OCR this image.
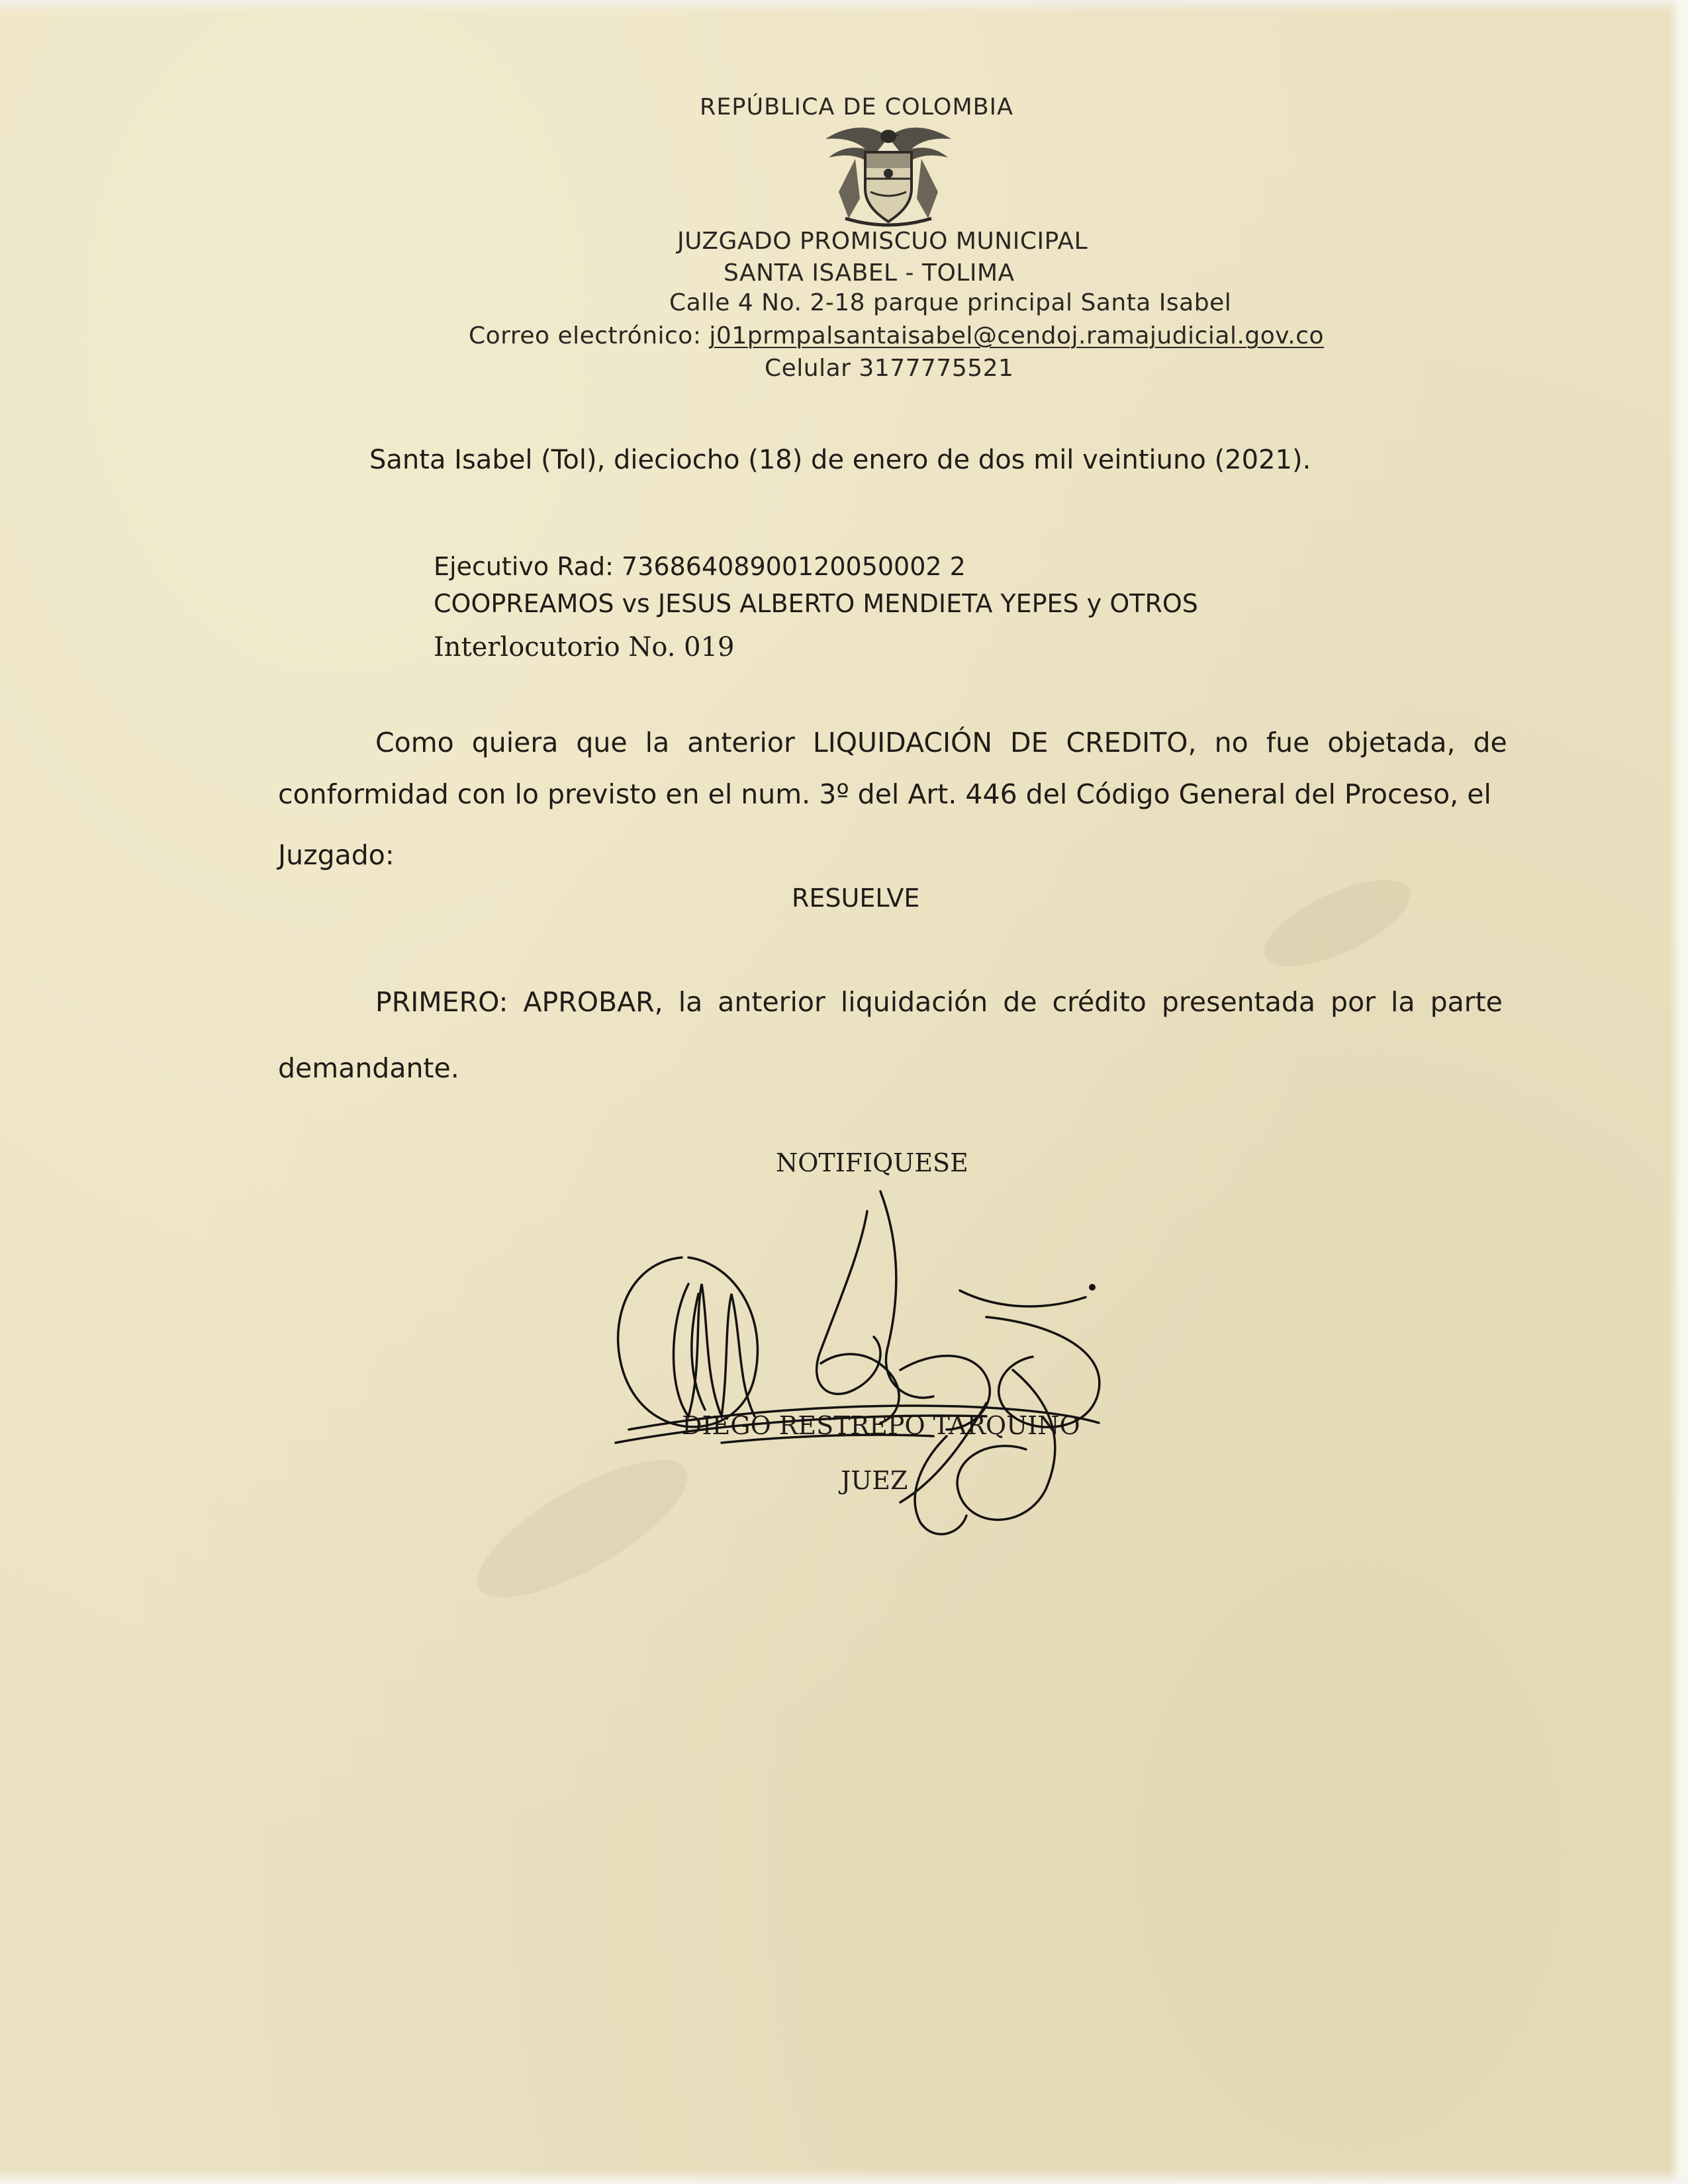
REPÚBLICA DE COLOMBIA
JUZGADO PROMISCUO MUNICIPAL
SANTA ISABEL - TOLIMA
Calle 4 No. 2-18 parque principal Santa Isabel
Correo electrónico: j01prmpalsantaisabel@cendoj.ramajudicial.gov.co
Celular 3177775521
Santa Isabel (Tol), dieciocho (18) de enero de dos mil veintiuno (2021).
Ejecutivo Rad: 73686408900120050002 2
COOPREAMOS vs JESUS ALBERTO MENDIETA YEPES y OTROS
Interlocutorio No. 019
Como quiera que la anterior LIQUIDACIÓN DE CREDITO, no fue objetada, de
conformidad con lo previsto en el num. 3º del Art. 446 del Código General del Proceso, el
Juzgado:
RESUELVE
PRIMERO: APROBAR, la anterior liquidación de crédito presentada por la parte
demandante.
NOTIFIQUESE
DIEGO RESTREPO TARQUINO
JUEZ
